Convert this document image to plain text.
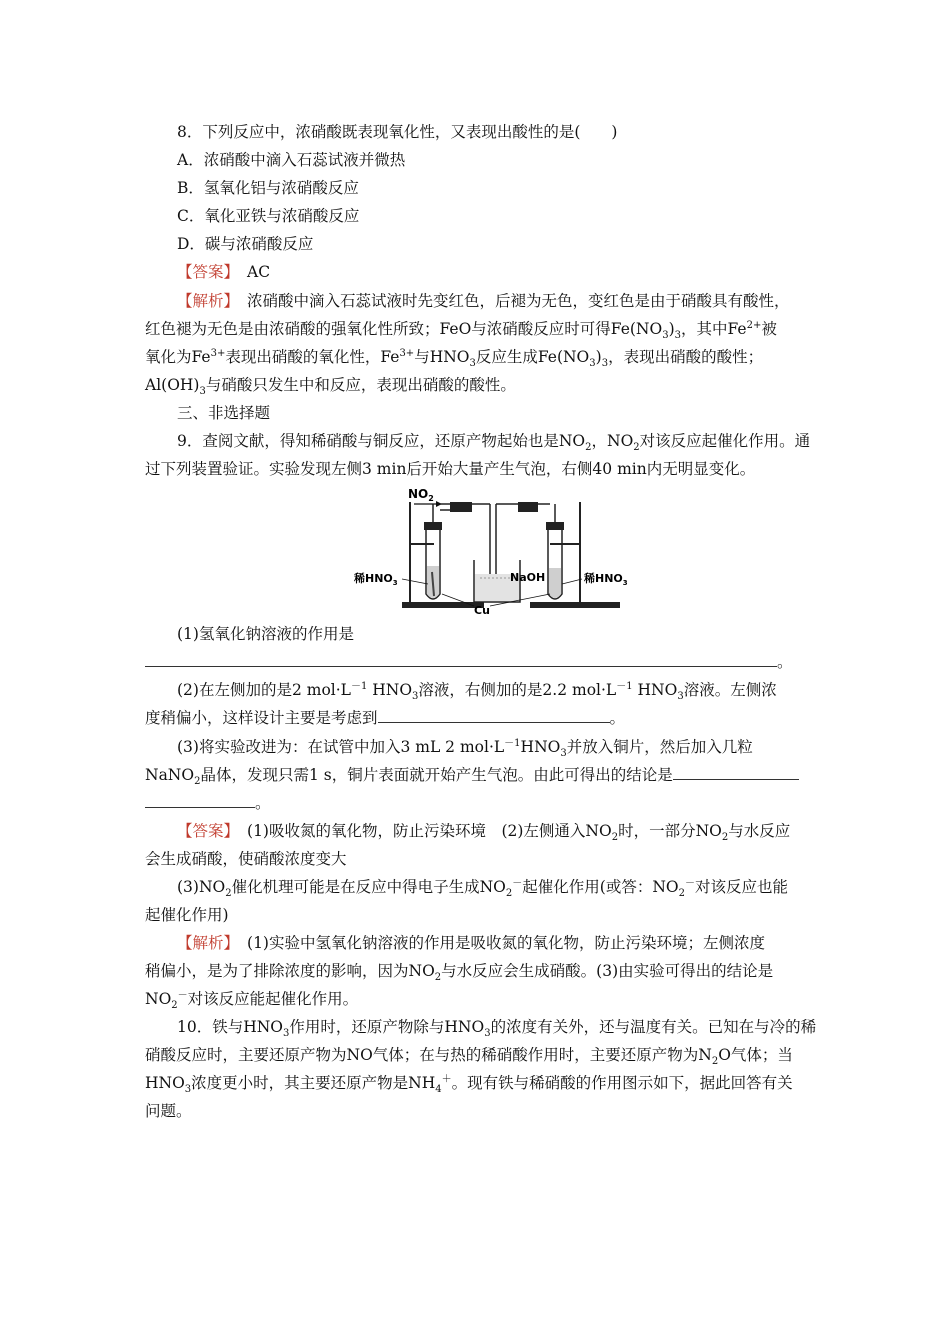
8．下列反应中，浓硝酸既表现氧化性，又表现出酸性的是(　　)
A．浓硝酸中滴入石蕊试液并微热
B．氢氧化铝与浓硝酸反应
C．氧化亚铁与浓硝酸反应
D．碳与浓硝酸反应
【答案】 AC
【解析】 浓硝酸中滴入石蕊试液时先变红色，后褪为无色，变红色是由于硝酸具有酸性，
红色褪为无色是由浓硝酸的强氧化性所致；FeO与浓硝酸反应时可得$Fe(NO_3)_3$，其中$Fe^{2+}$被
氧化为$Fe^{3+}$表现出硝酸的氧化性，$Fe^{3+}$与$HNO_3$反应生成$Fe(NO_3)_3$，表现出硝酸的酸性；
$Al(OH)_3$与硝酸只发生中和反应，表现出硝酸的酸性。
三、非选择题
9．查阅文献，得知稀硝酸与铜反应，还原产物起始也是$NO_2$，$NO_2$对该反应起催化作用。通
过下列装置验证。实验发现左侧3 min后开始大量产生气泡，右侧40 min内无明显变化。
$NO_2$
NaOH
稀$HNO_3$	稀$HNO_3$
Cu
(1)氢氧化钠溶液的作用是
。
(2)在左侧加的是2 $mol\cdot L^{-1}$ $HNO_3$溶液，右侧加的是2.2 $mol\cdot L^{-1}$ $HNO_3$溶液。左侧浓
度稍偏小，这样设计主要是考虑到	。
(3)将实验改进为：在试管中加入3 mL 2 $mol\cdot L^{-1}HNO_3$并放入铜片，然后加入几粒
NaNO$_2$晶体，发现只需1 s，铜片表面就开始产生气泡。由此可得出的结论是
。
【答案】 (1)吸收氮的氧化物，防止污染环境　(2)左侧通入$NO_2$时，一部分$NO_2$与水反应
会生成硝酸，使硝酸浓度变大
$(3)NO_2$催化机理可能是在反应中得电子生成$NO_2^-$起催化作用(或答：$NO_2^-$对该反应也能
起催化作用)
【解析】 (1)实验中氢氧化钠溶液的作用是吸收氮的氧化物，防止污染环境；左侧浓度
稍偏小，是为了排除浓度的影响，因为$NO_2$与水反应会生成硝酸。(3)由实验可得出的结论是
$NO_2^-$对该反应能起催化作用。
10．铁与$HNO_3$作用时，还原产物除与$HNO_3$的浓度有关外，还与温度有关。已知在与冷的稀
硝酸反应时，主要还原产物为NO气体；在与热的稀硝酸作用时，主要还原产物为$N_2O$气体；当
$HNO_3$浓度更小时，其主要还原产物是$NH_4^+$。现有铁与稀硝酸的作用图示如下，据此回答有关
问题。
